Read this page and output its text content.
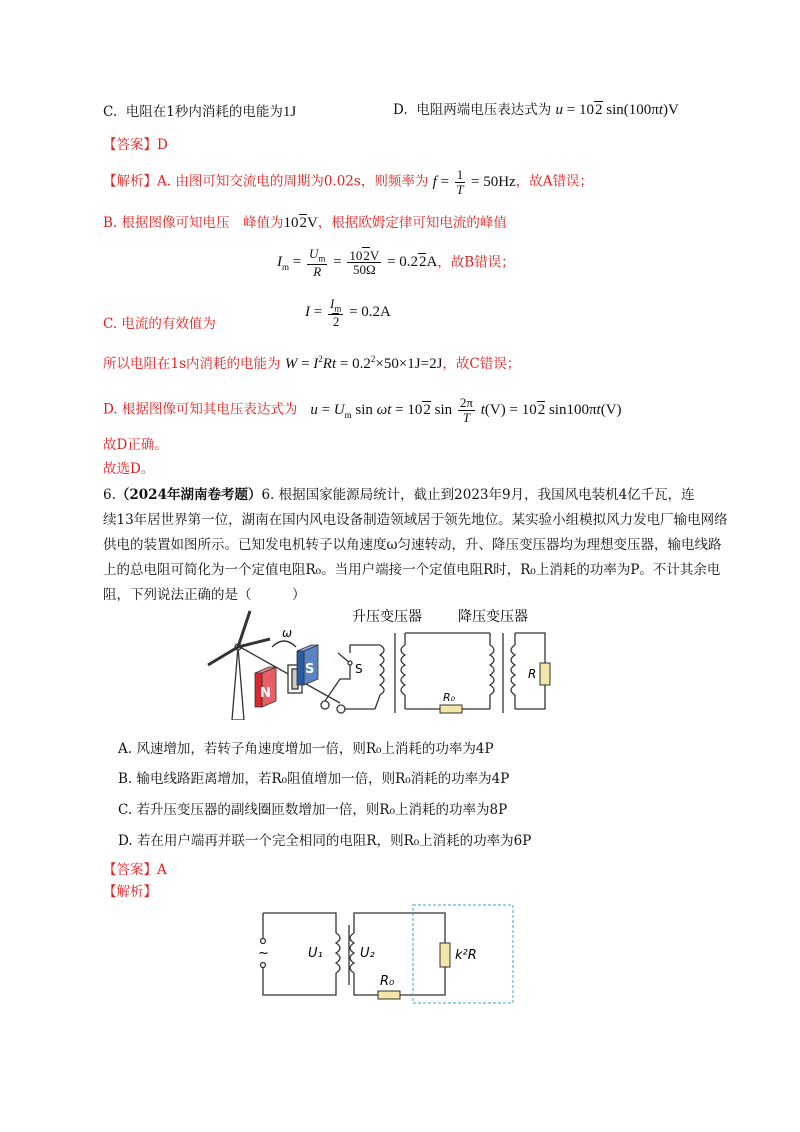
C. 电阻在1秒内消耗的电能为1J	D. 电阻两端电压表达式为 u = 102 sin(100πt)V
【答案】D
【解析】A. 由图可知交流电的周期为0.02s，则频率为 $f = \frac{1}{T} = 50Hz$，故A错误；
B. 根据图像可知电压　峰值为102V，根据欧姆定律可知电流的峰值
$I_m = \frac{U_m}{R} = \frac{102V}{50\Omega} = 0.22A$，故B错误；
C. 电流的有效值为
$I = \frac{I_m}{2} = 0.2A$
所以电阻在1s内消耗的电能为 $W = I^2Rt = 0.2^2\times 50\times 1J=2J$，故C错误；
D. 根据图像可知其电压表达式为 $u = U_m$ sin ωt = 102 $\sin \frac{2\pi}{T} t(V) = 102$ sin100πt(V)
故D正确。
故选D。
6.（2024年湖南卷考题）6. 根据国家能源局统计，截止到2023年9月，我国风电装机4亿千瓦，连
续13年居世界第一位，湖南在国内风电设备制造领域居于领先地位。某实验小组模拟风力发电厂输电网络
供电的装置如图所示。已知发电机转子以角速度ω匀速转动，升、降压变压器均为理想变压器，输电线路
上的总电阻可简化为一个定值电阻R₀。当用户端接一个定值电阻R时，R₀上消耗的功率为P。不计其余电
阻，下列说法正确的是（　　　）
N
S
ω
S
升压变压器	降压变压器
R₀
R
A. 风速增加，若转子角速度增加一倍，则R₀上消耗的功率为4P
B. 输电线路距离增加，若R₀阻值增加一倍，则R₀消耗的功率为4P
C. 若升压变压器的副线圈匝数增加一倍，则R₀上消耗的功率为8P
D. 若在用户端再并联一个完全相同的电阻R，则R₀上消耗的功率为6P
【答案】A
【解析】
~	U₁	U₂
R₀
k²R
